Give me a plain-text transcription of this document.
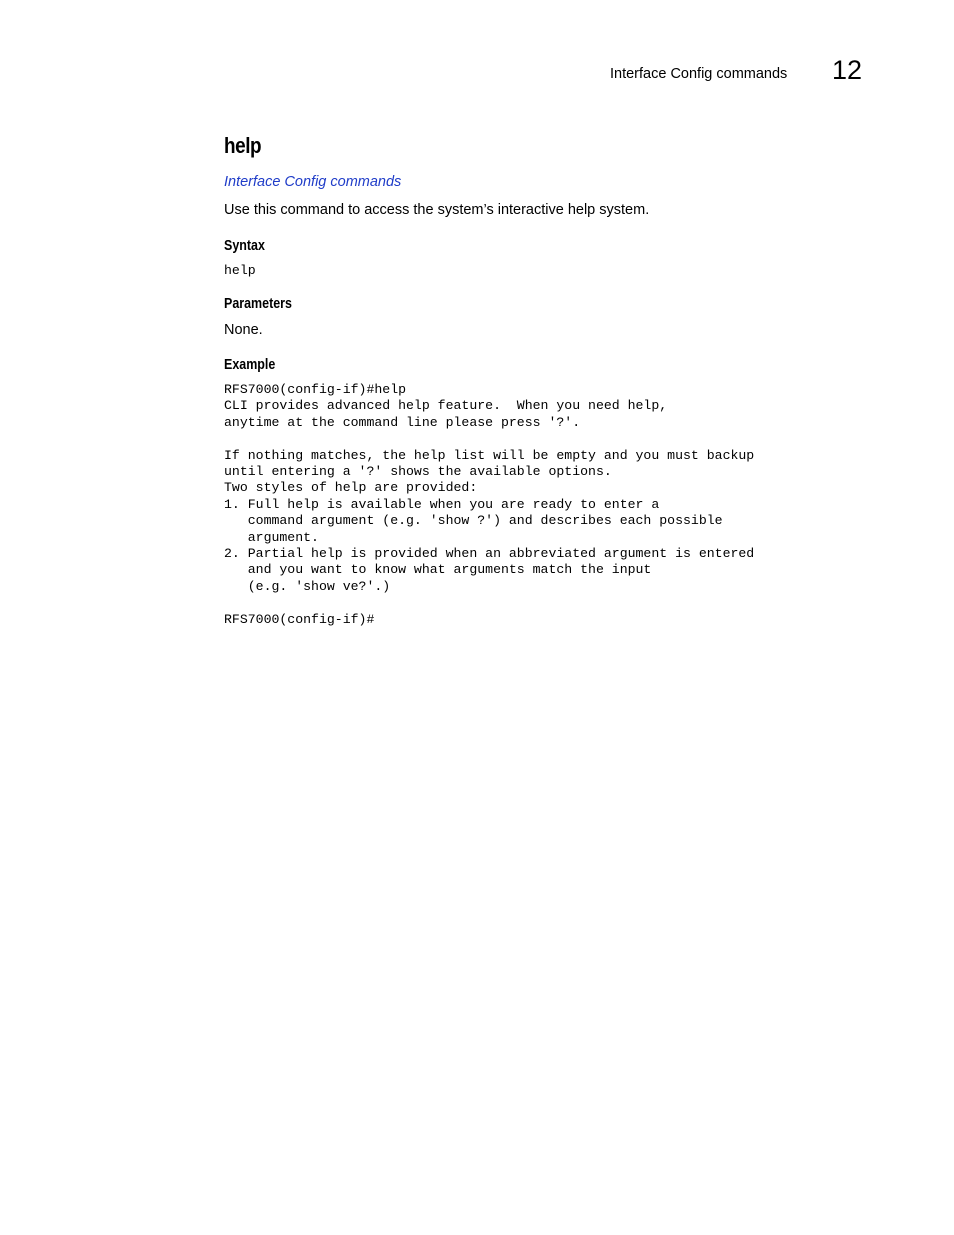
Interface Config commands 12
help
Interface Config commands

Use this command to access the system’s interactive help system.

Syntax
help
Parameters

None.

Example
RFS7000(config-if)#help
CLI provides advanced help feature.  When you need help,
anytime at the command line please press '?'.

If nothing matches, the help list will be empty and you must backup
until entering a '?' shows the available options.
Two styles of help are provided:
1. Full help is available when you are ready to enter a
command argument (e.g. 'show ?') and describes each possible
argument.
2. Partial help is provided when an abbreviated argument is entered
and you want to know what arguments match the input
(e.g. 'show ve?'.)

RFS7000(config-if)#
